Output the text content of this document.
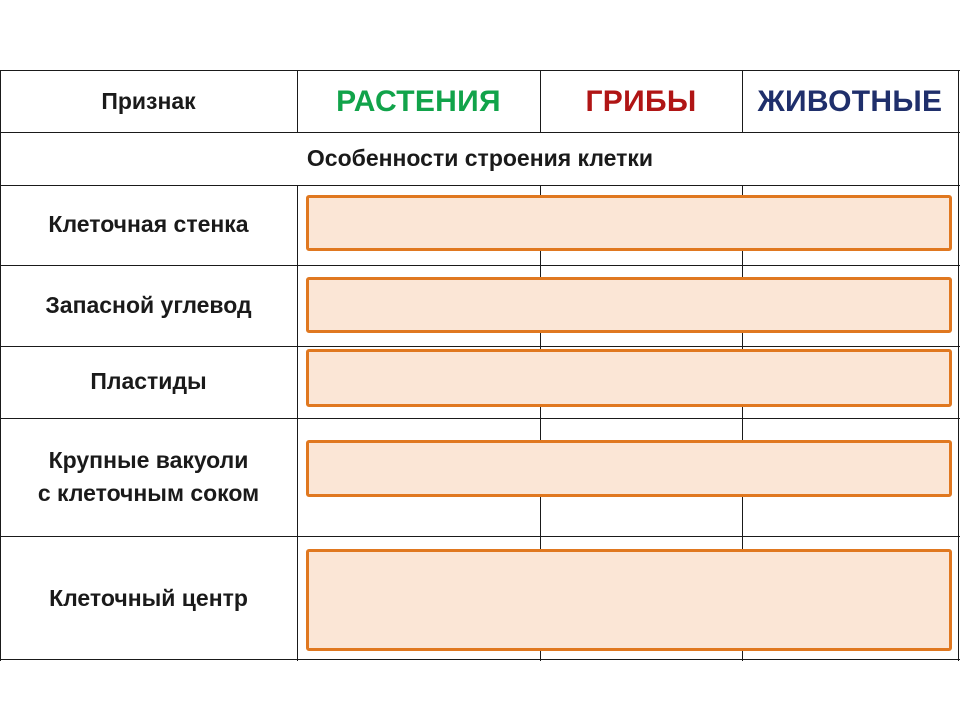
Признак	РАСТЕНИЯ	ГРИБЫ ЖИВОТНЫЕ
Особенности строения клетки
Клеточная стенка
Запасной углевод
Пластиды
Крупные вакуоли
с клеточным соком
Клеточный центр
